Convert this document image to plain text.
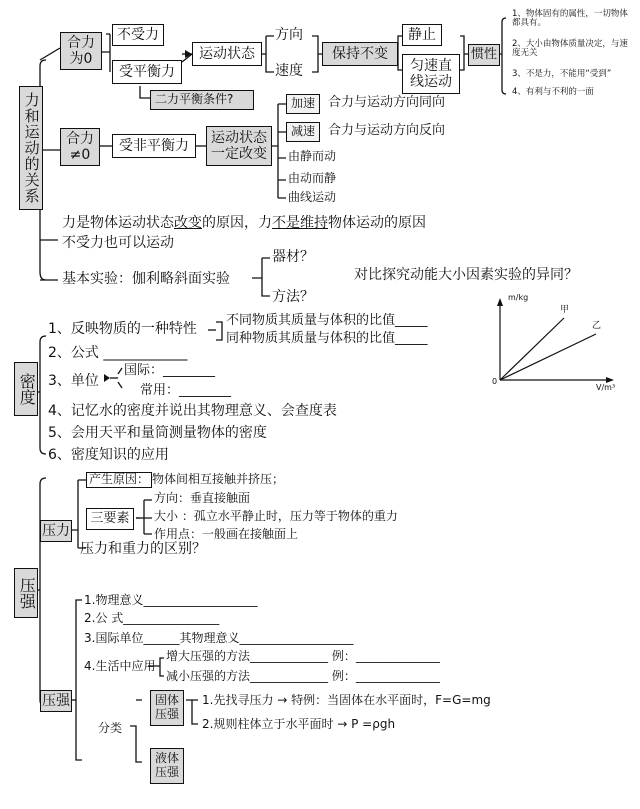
力和运动的关系
合力为0
不受力
受平衡力
二力平衡条件?
运动状态
方向
速度
保持不变
静止
匀速直线运动
惯性
1、物体固有的属性，一切物体都具有。
2、大小由物体质量决定，与速度无关
3、不是力，不能用“受到”
4、有利与不利的一面
合力≠0
受非平衡力
运动状态一定改变
加速	合力与运动方向同向
减速	合力与运动方向反向
由静而动
由动而静
曲线运动
力是物体运动状态改变的原因，力不是维持物体运动的原因
不受力也可以运动
基本实验：伽利略斜面实验
器材？
方法？
对比探究动能大小因素实验的异同？
密度
1、反映物质的一种特性
不同物质其质量与体积的比值_____
同种物质其质量与体积的比值_____
2、公式 ____________
3、单位
国际：________
常用：________
4、记忆水的密度并说出其物理意义、会查度表
5、会用天平和量筒测量物体的密度
6、密度知识的应用
m/kg
V/m³
0
甲
乙
压强
压力
产生原因： 物体间相互接触并挤压；
三要素
方向：垂直接触面
大小 ：孤立水平静止时，压力等于物体的重力
作用点：一般画在接触面上
压力和重力的区别？
压强
1.物理意义___________________
2.公 式________________
3.国际单位______其物理意义___________________
4.生活中应用
增大压强的方法_____________ 例：______________
减小压强的方法_____________ 例：______________
分类
固体压强
液体压强
1.先找寻压力 → 特例：当固体在水平面时，F=G=mg
2.规则柱体立于水平面时 → P =ρgh
